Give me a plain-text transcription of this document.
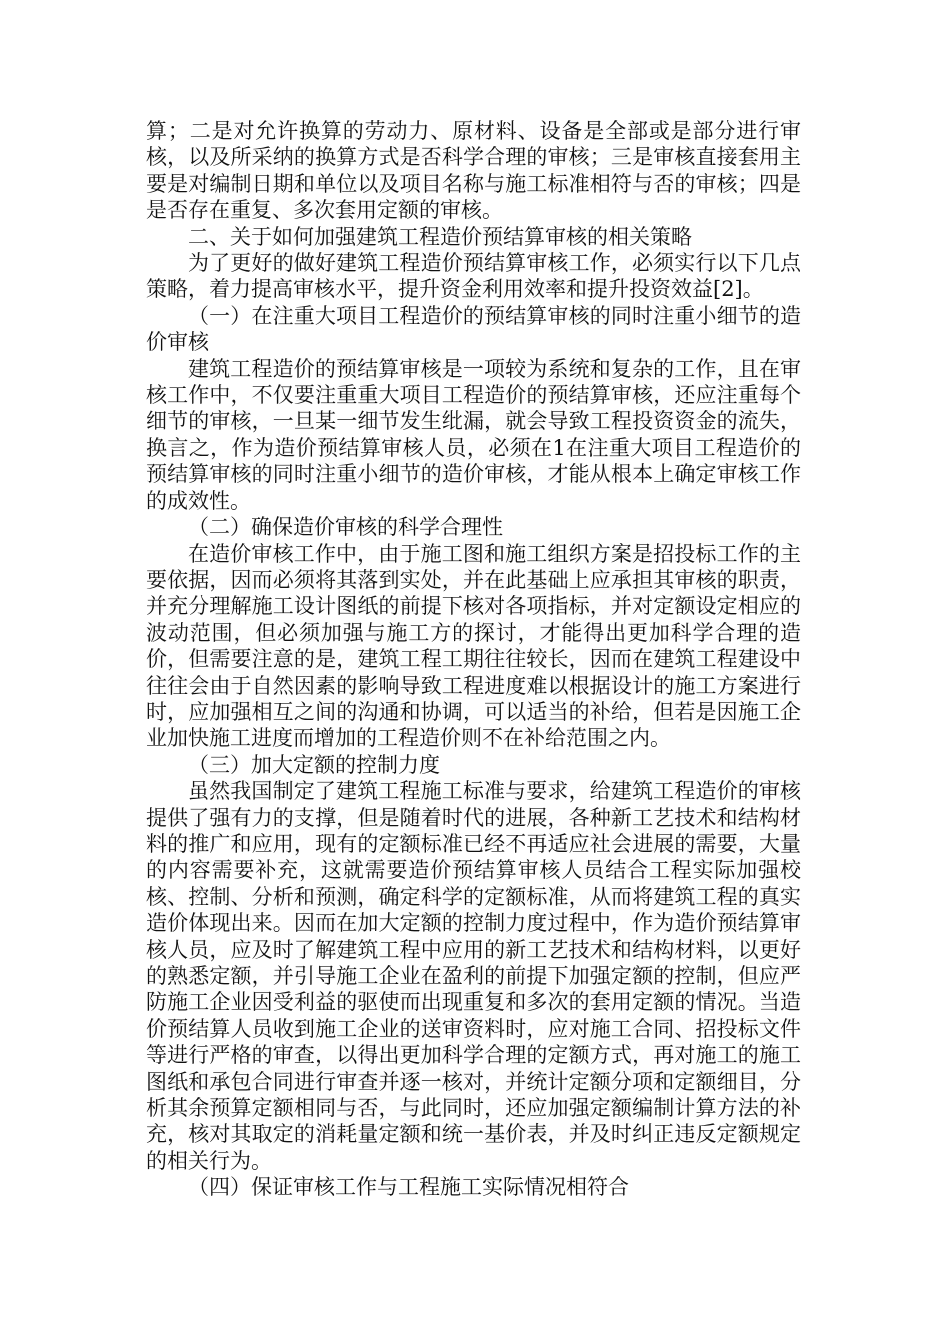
算；二是对允许换算的劳动力、原材料、设备是全部或是部分进行审核，以及所采纳的换算方式是否科学合理的审核；三是审核直接套用主要是对编制日期和单位以及项目名称与施工标准相符与否的审核；四是是否存在重复、多次套用定额的审核。

二、关于如何加强建筑工程造价预结算审核的相关策略

为了更好的做好建筑工程造价预结算审核工作，必须实行以下几点策略，着力提高审核水平，提升资金利用效率和提升投资效益[2]。

（一）在注重大项目工程造价的预结算审核的同时注重小细节的造价审核

建筑工程造价的预结算审核是一项较为系统和复杂的工作，且在审核工作中，不仅要注重重大项目工程造价的预结算审核，还应注重每个细节的审核，一旦某一细节发生纰漏，就会导致工程投资资金的流失，换言之，作为造价预结算审核人员，必须在1在注重大项目工程造价的预结算审核的同时注重小细节的造价审核，才能从根本上确定审核工作的成效性。

（二）确保造价审核的科学合理性

在造价审核工作中，由于施工图和施工组织方案是招投标工作的主要依据，因而必须将其落到实处，并在此基础上应承担其审核的职责，并充分理解施工设计图纸的前提下核对各项指标，并对定额设定相应的波动范围，但必须加强与施工方的探讨，才能得出更加科学合理的造价，但需要注意的是，建筑工程工期往往较长，因而在建筑工程建设中往往会由于自然因素的影响导致工程进度难以根据设计的施工方案进行时，应加强相互之间的沟通和协调，可以适当的补给，但若是因施工企业加快施工进度而增加的工程造价则不在补给范围之内。

（三）加大定额的控制力度

虽然我国制定了建筑工程施工标准与要求，给建筑工程造价的审核提供了强有力的支撑，但是随着时代的进展，各种新工艺技术和结构材料的推广和应用，现有的定额标准已经不再适应社会进展的需要，大量的内容需要补充，这就需要造价预结算审核人员结合工程实际加强校核、控制、分析和预测，确定科学的定额标准，从而将建筑工程的真实造价体现出来。因而在加大定额的控制力度过程中，作为造价预结算审核人员，应及时了解建筑工程中应用的新工艺技术和结构材料，以更好的熟悉定额，并引导施工企业在盈利的前提下加强定额的控制，但应严防施工企业因受利益的驱使而出现重复和多次的套用定额的情况。当造价预结算人员收到施工企业的送审资料时，应对施工合同、招投标文件等进行严格的审查，以得出更加科学合理的定额方式，再对施工的施工图纸和承包合同进行审查并逐一核对，并统计定额分项和定额细目，分析其余预算定额相同与否，与此同时，还应加强定额编制计算方法的补充，核对其取定的消耗量定额和统一基价表，并及时纠正违反定额规定的相关行为。

（四）保证审核工作与工程施工实际情况相符合
